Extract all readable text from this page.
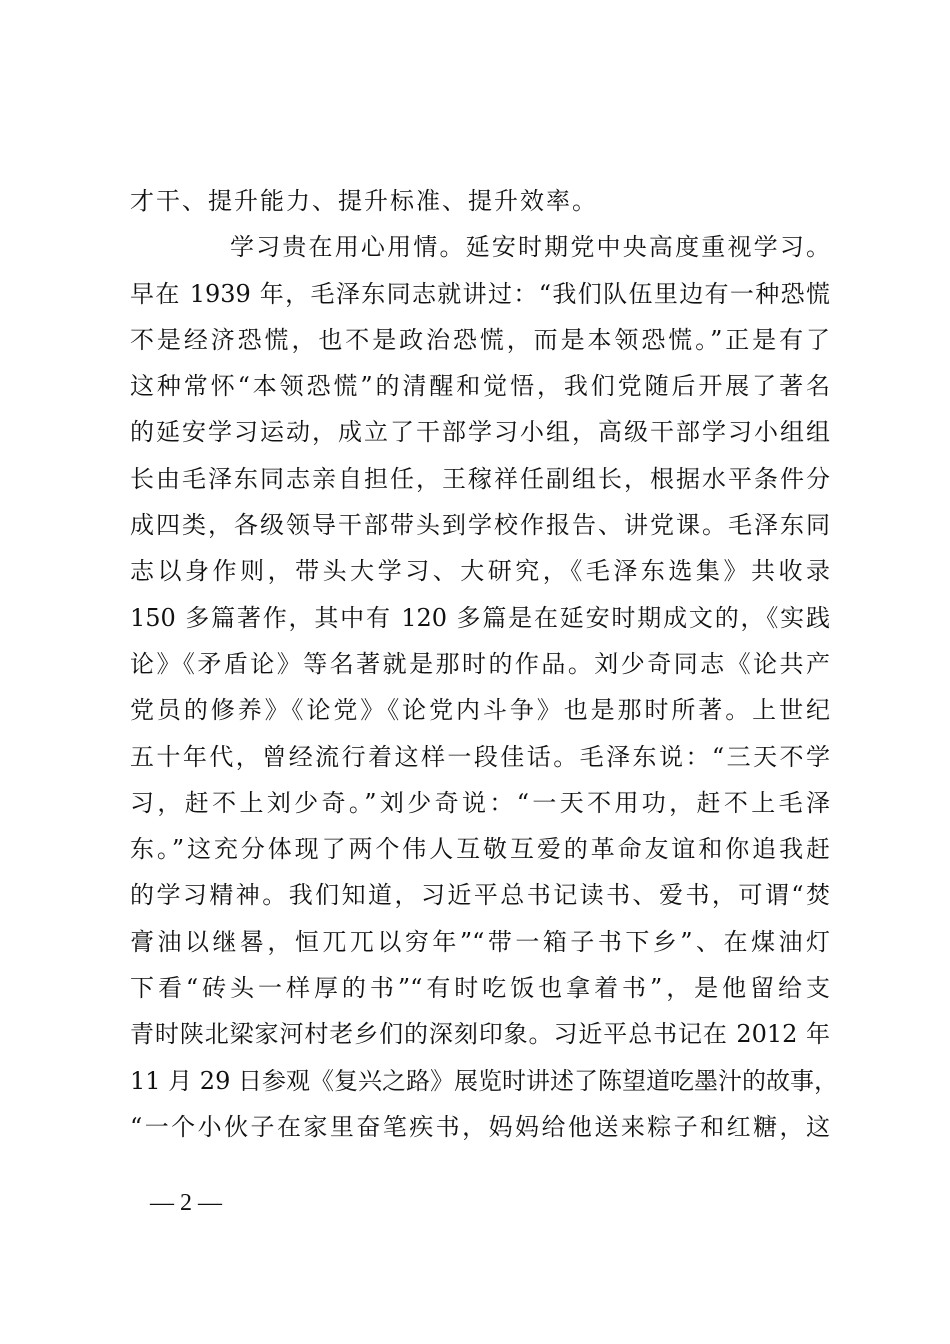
才干、提升能力、提升标准、提升效率。
学习贵在用心用情。延安时期党中央高度重视学习。
早在 1939 年，毛泽东同志就讲过：“我们队伍里边有一种恐慌
不是经济恐慌，也不是政治恐慌，而是本领恐慌。”正是有了
这种常怀“本领恐慌”的清醒和觉悟，我们党随后开展了著名
的延安学习运动，成立了干部学习小组，高级干部学习小组组
长由毛泽东同志亲自担任，王稼祥任副组长，根据水平条件分
成四类，各级领导干部带头到学校作报告、讲党课。毛泽东同
志以身作则，带头大学习、大研究，《毛泽东选集》共收录
150 多篇著作，其中有 120 多篇是在延安时期成文的，《实践
论》《矛盾论》等名著就是那时的作品。刘少奇同志《论共产
党员的修养》《论党》《论党内斗争》也是那时所著。上世纪
五十年代，曾经流行着这样一段佳话。毛泽东说：“三天不学
习，赶不上刘少奇。”刘少奇说：“一天不用功，赶不上毛泽
东。”这充分体现了两个伟人互敬互爱的革命友谊和你追我赶
的学习精神。我们知道，习近平总书记读书、爱书，可谓“焚
膏油以继晷，恒兀兀以穷年”“带一箱子书下乡”、在煤油灯
下看“砖头一样厚的书”“有时吃饭也拿着书”，是他留给支
青时陕北梁家河村老乡们的深刻印象。习近平总书记在 2012 年
11 月 29 日参观《复兴之路》展览时讲述了陈望道吃墨汁的故事，
“一个小伙子在家里奋笔疾书，妈妈给他送来粽子和红糖，这
— 2 —
